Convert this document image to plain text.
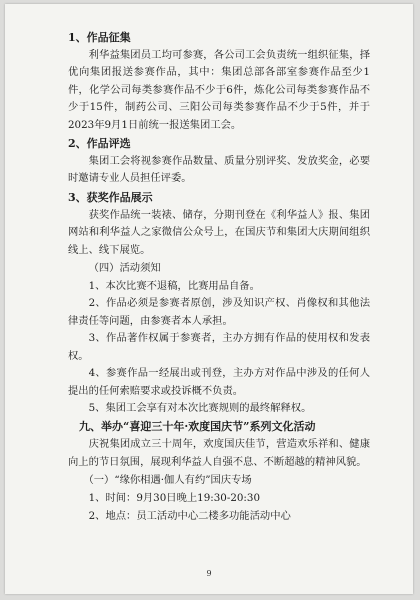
1、作品征集

利华益集团员工均可参赛，各公司工会负责统一组织征集，择优向集团报送参赛作品，其中：集团总部各部室参赛作品至少1件，化学公司每类参赛作品不少于6件，炼化公司每类参赛作品不少于15件，制药公司、三阳公司每类参赛作品不少于5件，并于2023年9月1日前统一报送集团工会。

2、作品评选

集团工会将视参赛作品数量、质量分别评奖、发放奖金，必要时邀请专业人员担任评委。

3、获奖作品展示

获奖作品统一装裱、储存，分期刊登在《利华益人》报、集团网站和利华益人之家微信公众号上，在国庆节和集团大庆期间组织线上、线下展览。

（四）活动须知

1、本次比赛不退稿，比赛用品自备。

2、作品必须是参赛者原创，涉及知识产权、肖像权和其他法律责任等问题，由参赛者本人承担。

3、作品著作权属于参赛者，主办方拥有作品的使用权和发表权。

4、参赛作品一经展出或刊登，主办方对作品中涉及的任何人提出的任何索赔要求或投诉概不负责。

5、集团工会享有对本次比赛规则的最终解释权。

九、举办“喜迎三十年·欢度国庆节”系列文化活动

庆祝集团成立三十周年，欢度国庆佳节，营造欢乐祥和、健康向上的节日氛围，展现利华益人自强不息、不断超越的精神风貌。

（一）“缘你相遇·伽人有约”国庆专场

1、时间：9月30日晚上19:30-20:30

2、地点：员工活动中心二楼多功能活动中心

9
